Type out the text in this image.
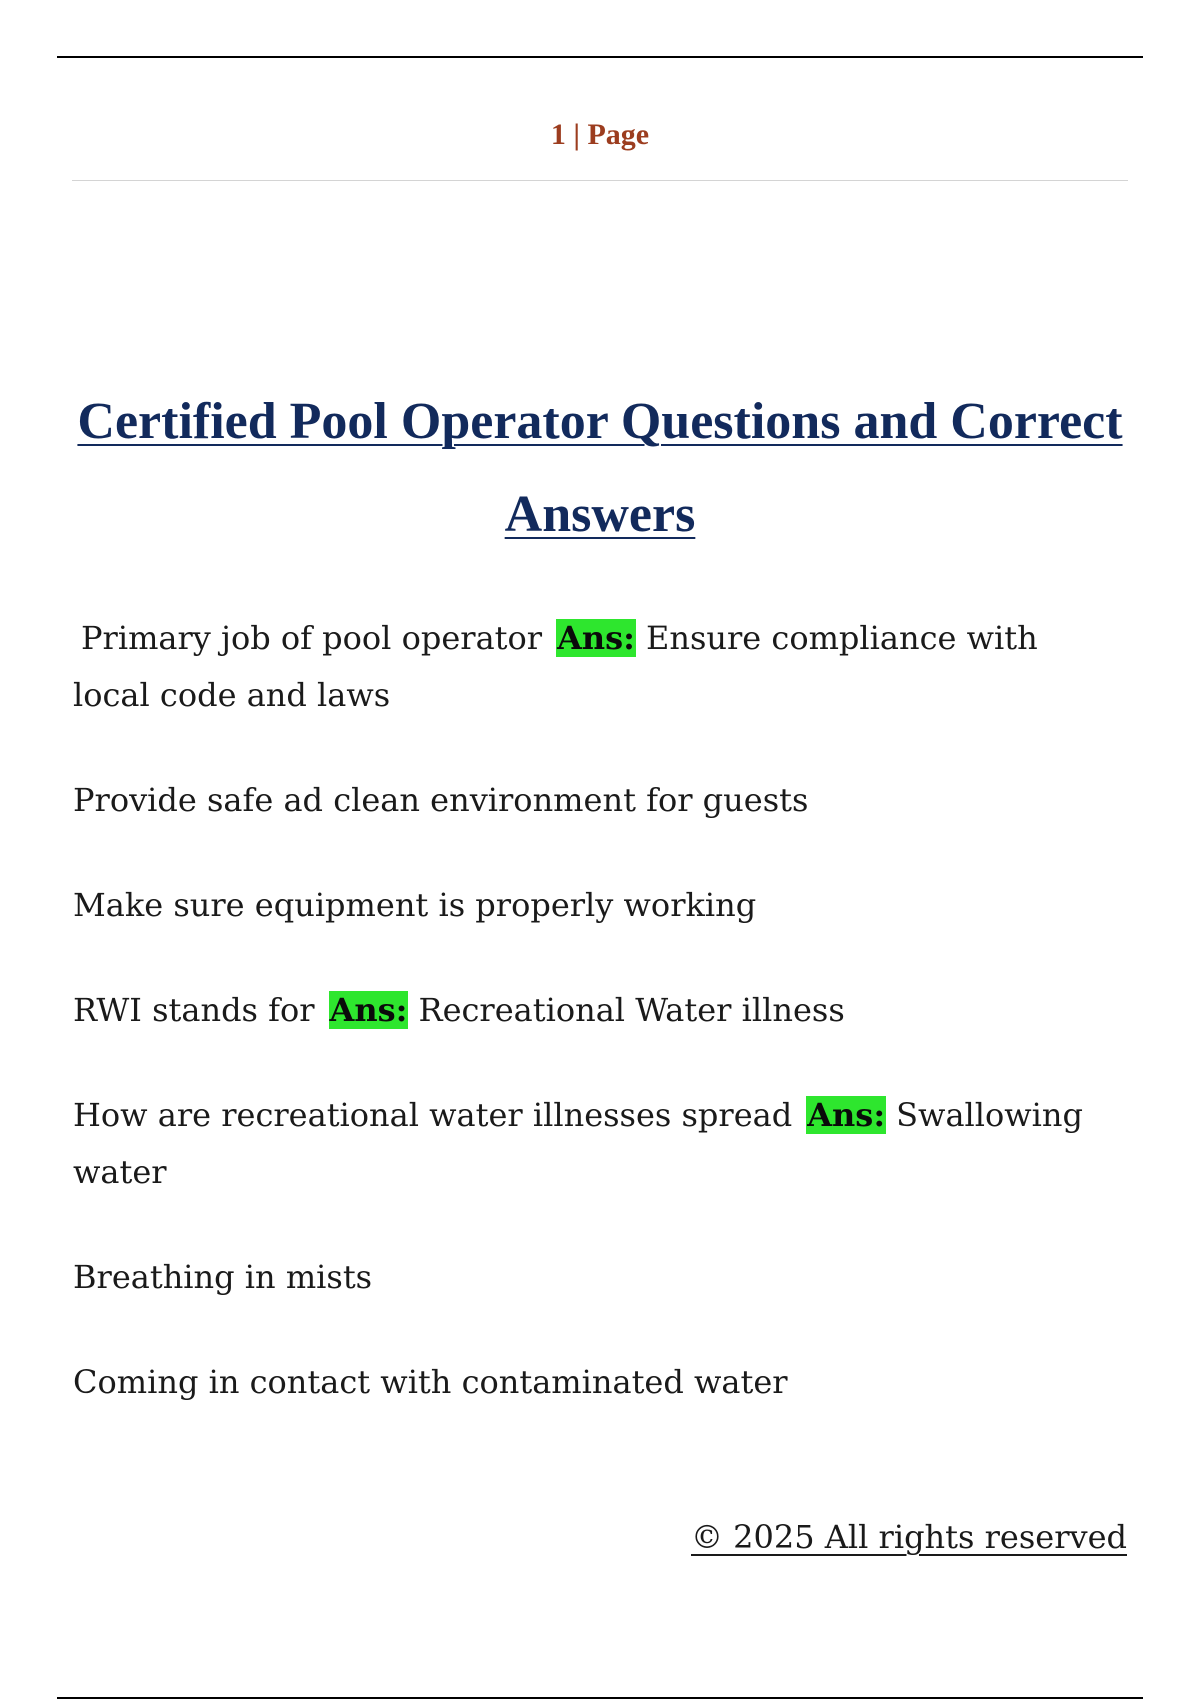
1 | Page
Certified Pool Operator Questions and Correct Answers

Primary job of pool operator Ans: Ensure compliance with local code and laws

Provide safe ad clean environment for guests

Make sure equipment is properly working

RWI stands for Ans: Recreational Water illness

How are recreational water illnesses spread Ans: Swallowing water

Breathing in mists

Coming in contact with contaminated water

© 2025 All rights reserved
